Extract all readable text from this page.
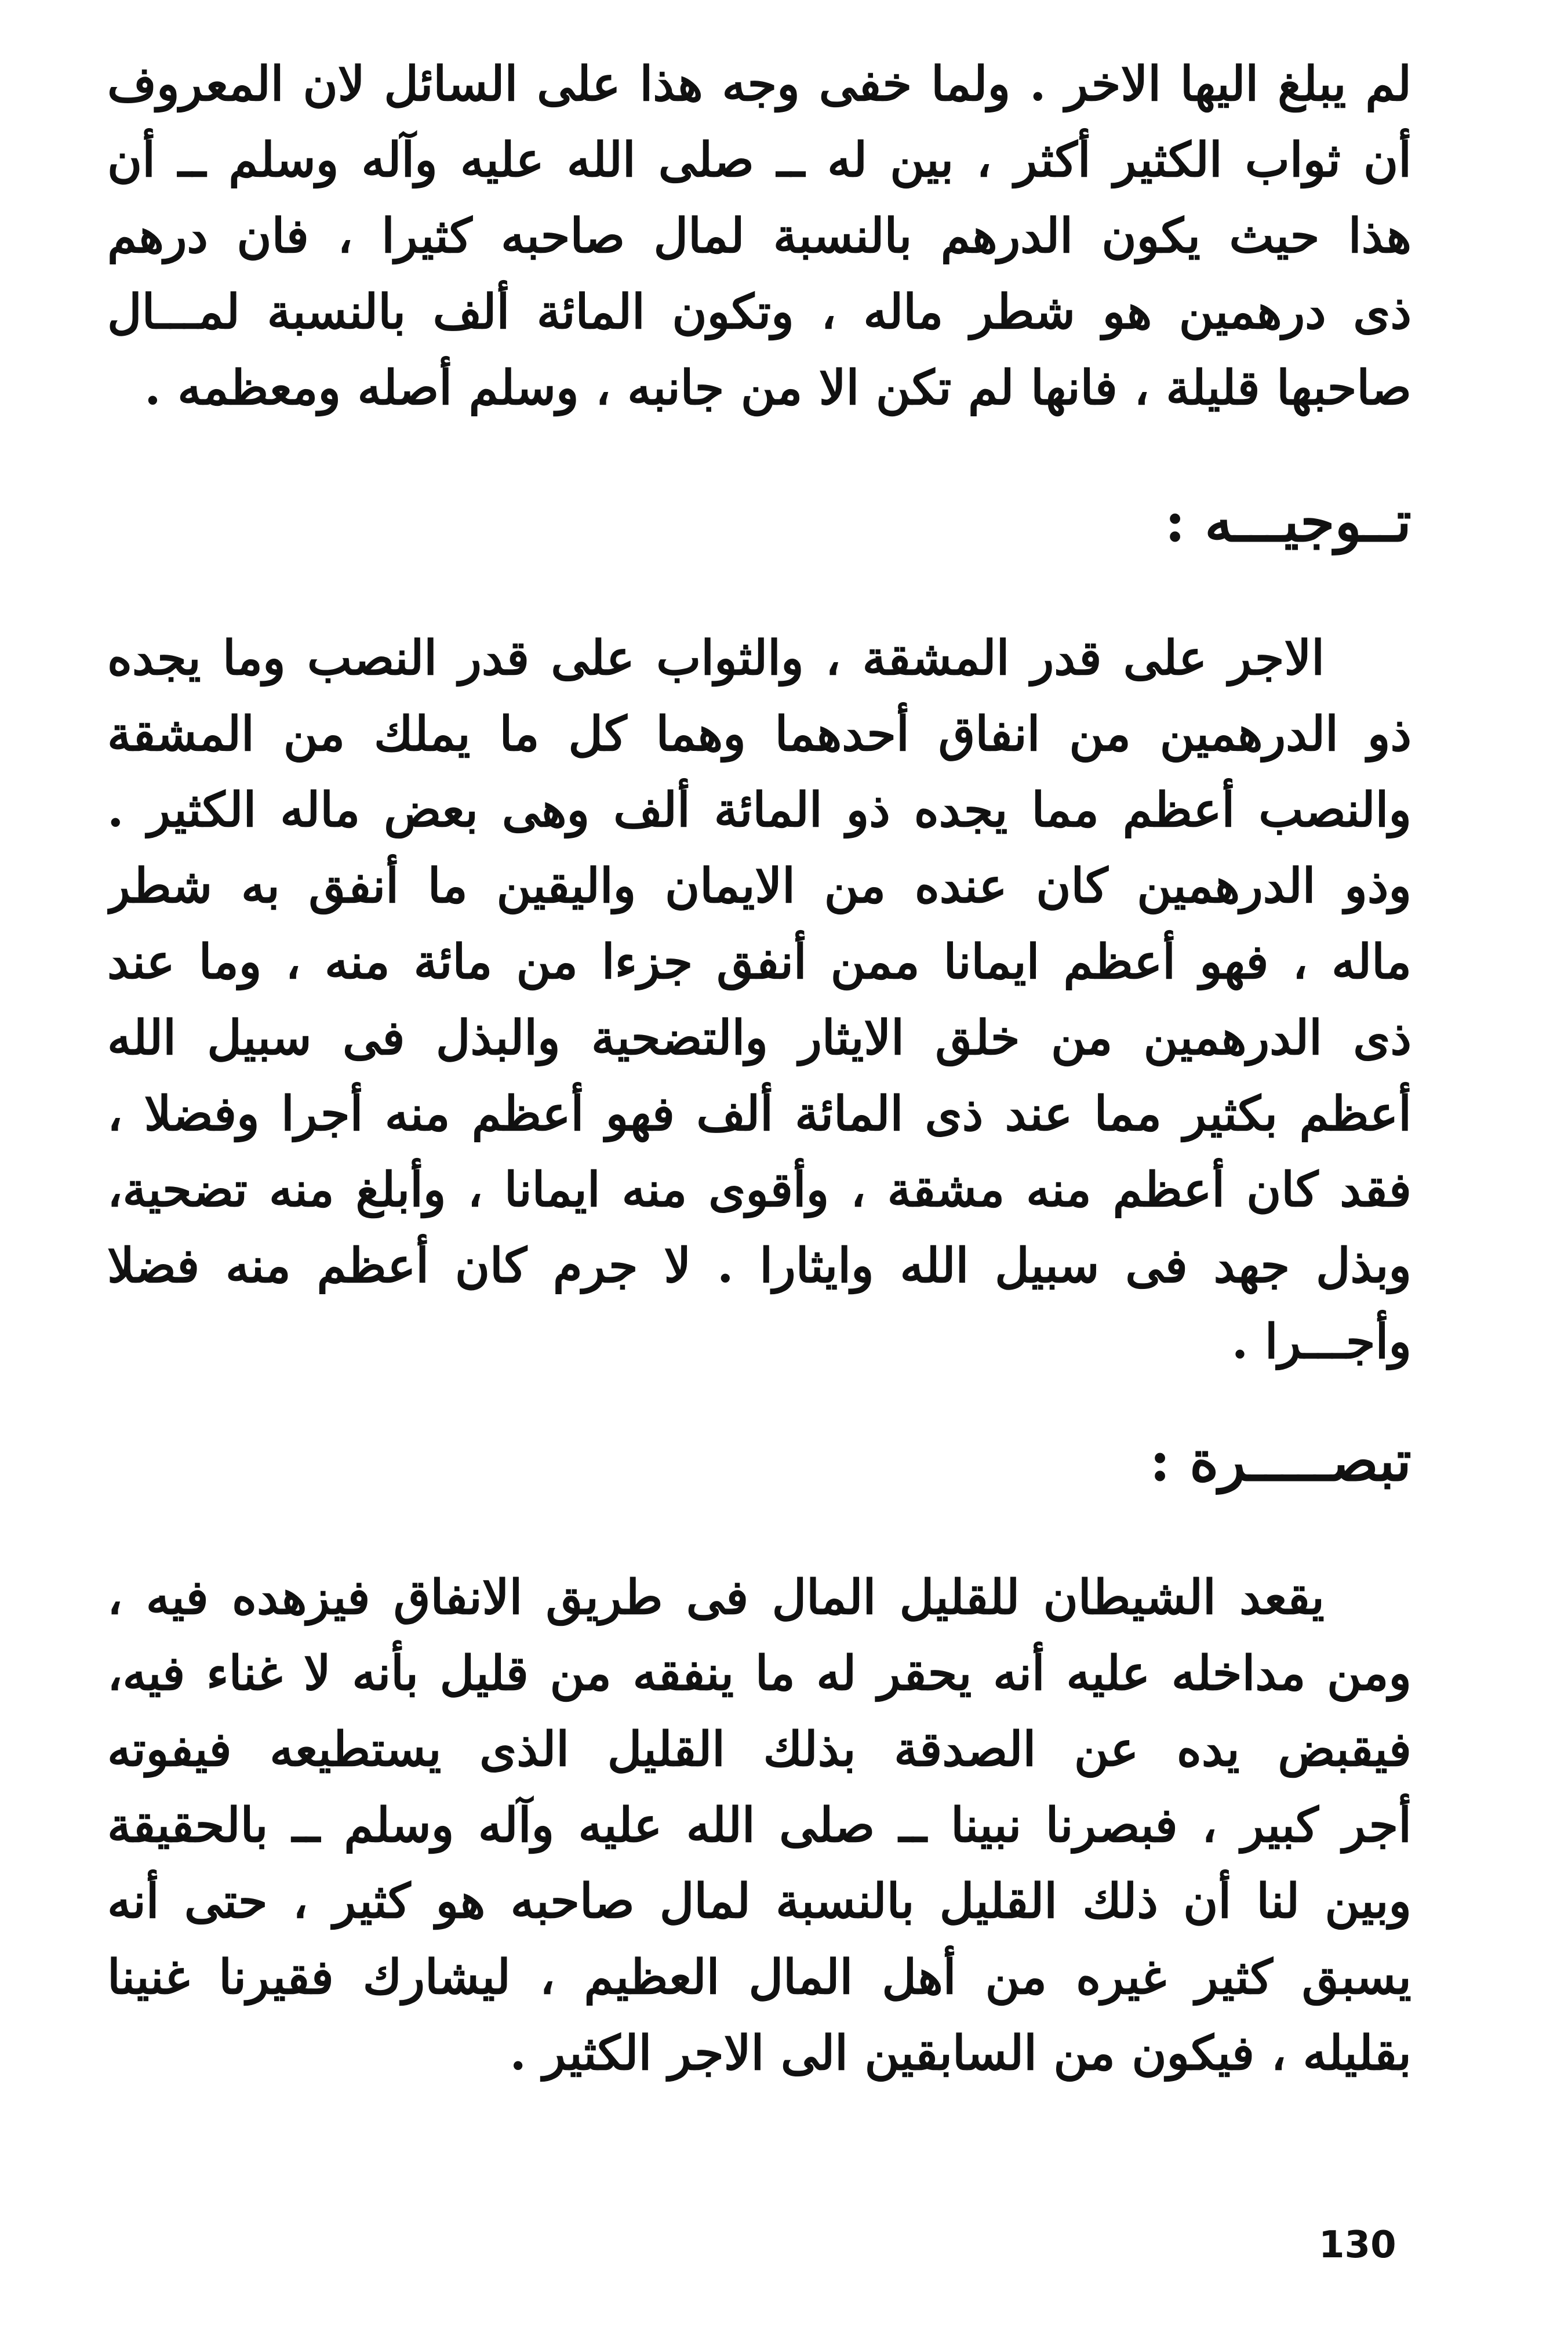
لم يبلغ اليها الاخر . ولما خفى وجه هذا على السائل لان المعروف
أن ثواب الكثير أكثر ، بين له ــ صلى الله عليه وآله وسلم ــ أن
هذا حيث يكون الدرهم بالنسبة لمال صاحبه كثيرا ، فان درهم
ذى درهمين هو شطر ماله ، وتكون المائة ألف بالنسبة لمـــال
صاحبها قليلة ، فانها لم تكن الا من جانبه ، وسلم أصله ومعظمه .
تــوجيـــه :
الاجر على قدر المشقة ، والثواب على قدر النصب وما يجده
ذو الدرهمين من انفاق أحدهما وهما كل ما يملك من المشقة
والنصب أعظم مما يجده ذو المائة ألف وهى بعض ماله الكثير .
وذو الدرهمين كان عنده من الايمان واليقين ما أنفق به شطر
ماله ، فهو أعظم ايمانا ممن أنفق جزءا من مائة منه ، وما عند
ذى الدرهمين من خلق الايثار والتضحية والبذل فى سبيل الله
أعظم بكثير مما عند ذى المائة ألف فهو أعظم منه أجرا وفضلا ،
فقد كان أعظم منه مشقة ، وأقوى منه ايمانا ، وأبلغ منه تضحية،
وبذل جهد فى سبيل الله وايثارا . لا جرم كان أعظم منه فضلا
وأجـــرا .
تبصـــــرة :
يقعد الشيطان للقليل المال فى طريق الانفاق فيزهده فيه ،
ومن مداخله عليه أنه يحقر له ما ينفقه من قليل بأنه لا غناء فيه،
فيقبض يده عن الصدقة بذلك القليل الذى يستطيعه فيفوته
أجر كبير ، فبصرنا نبينا ــ صلى الله عليه وآله وسلم ــ بالحقيقة
وبين لنا أن ذلك القليل بالنسبة لمال صاحبه هو كثير ، حتى أنه
يسبق كثير غيره من أهل المال العظيم ، ليشارك فقيرنا غنينا
بقليله ، فيكون من السابقين الى الاجر الكثير .
130
